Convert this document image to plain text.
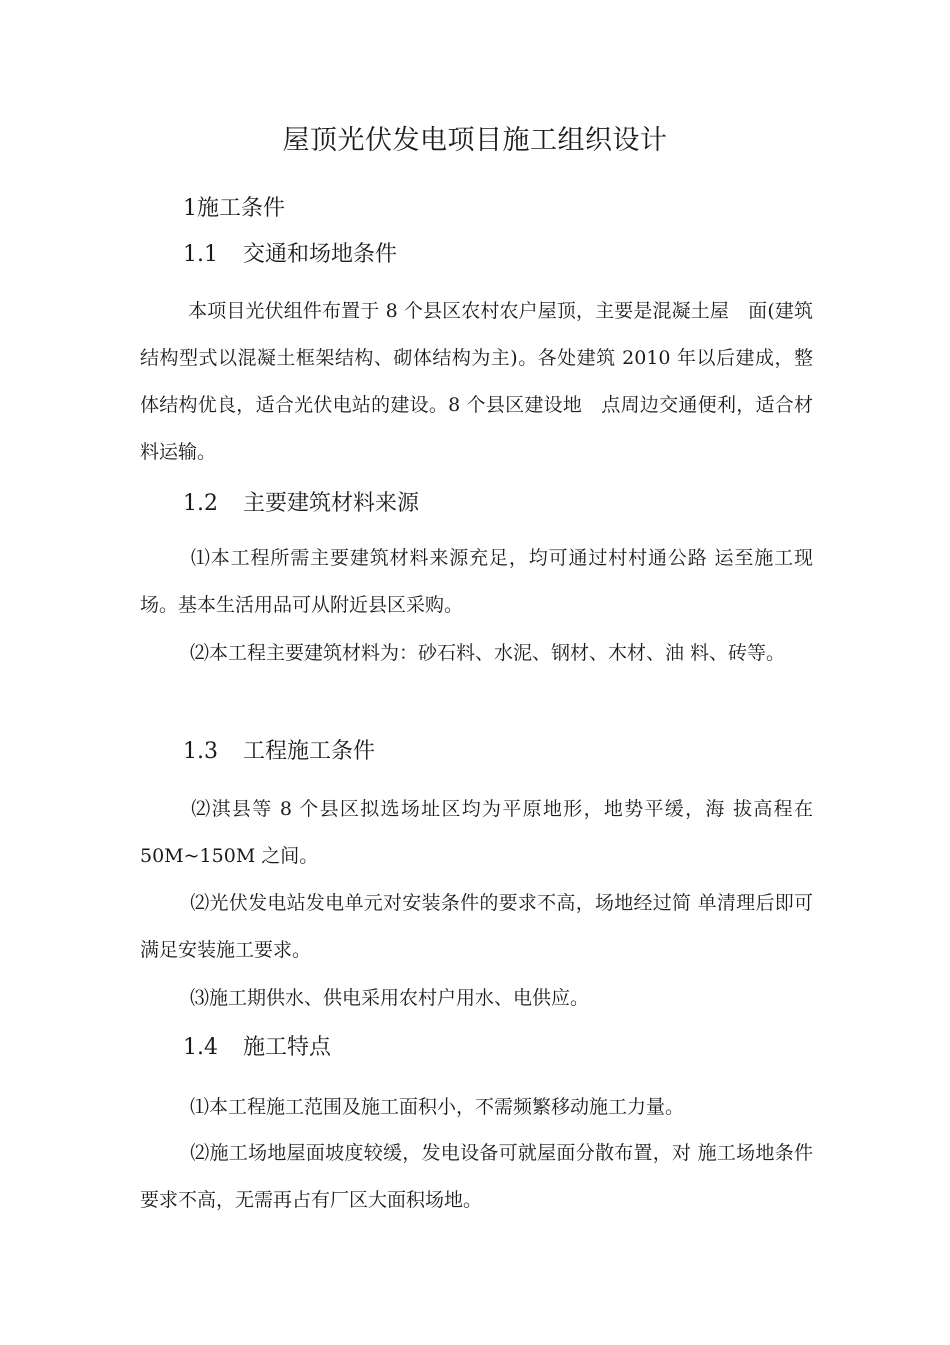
屋顶光伏发电项目施工组织设计
1施工条件
1.1 交通和场地条件

本项目光伏组件布置于 8 个县区农村农户屋顶，主要是混凝土屋　面(建筑结构型式以混凝土框架结构、砌体结构为主)。各处建筑 2010 年以后建成，整体结构优良，适合光伏电站的建设。8 个县区建设地　点周边交通便利，适合材料运输。

1.2 主要建筑材料来源

⑴本工程所需主要建筑材料来源充足，均可通过村村通公路 运至施工现场。基本生活用品可从附近县区采购。

⑵本工程主要建筑材料为：砂石料、水泥、钢材、木材、油 料、砖等。

1.3 工程施工条件

⑵淇县等 8 个县区拟选场址区均为平原地形，地势平缓，海 拔高程在 50M~150M 之间。

⑵光伏发电站发电单元对安装条件的要求不高，场地经过简 单清理后即可满足安装施工要求。

⑶施工期供水、供电采用农村户用水、电供应。

1.4 施工特点

⑴本工程施工范围及施工面积小，不需频繁移动施工力量。

⑵施工场地屋面坡度较缓，发电设备可就屋面分散布置，对 施工场地条件要求不高，无需再占有厂区大面积场地。
